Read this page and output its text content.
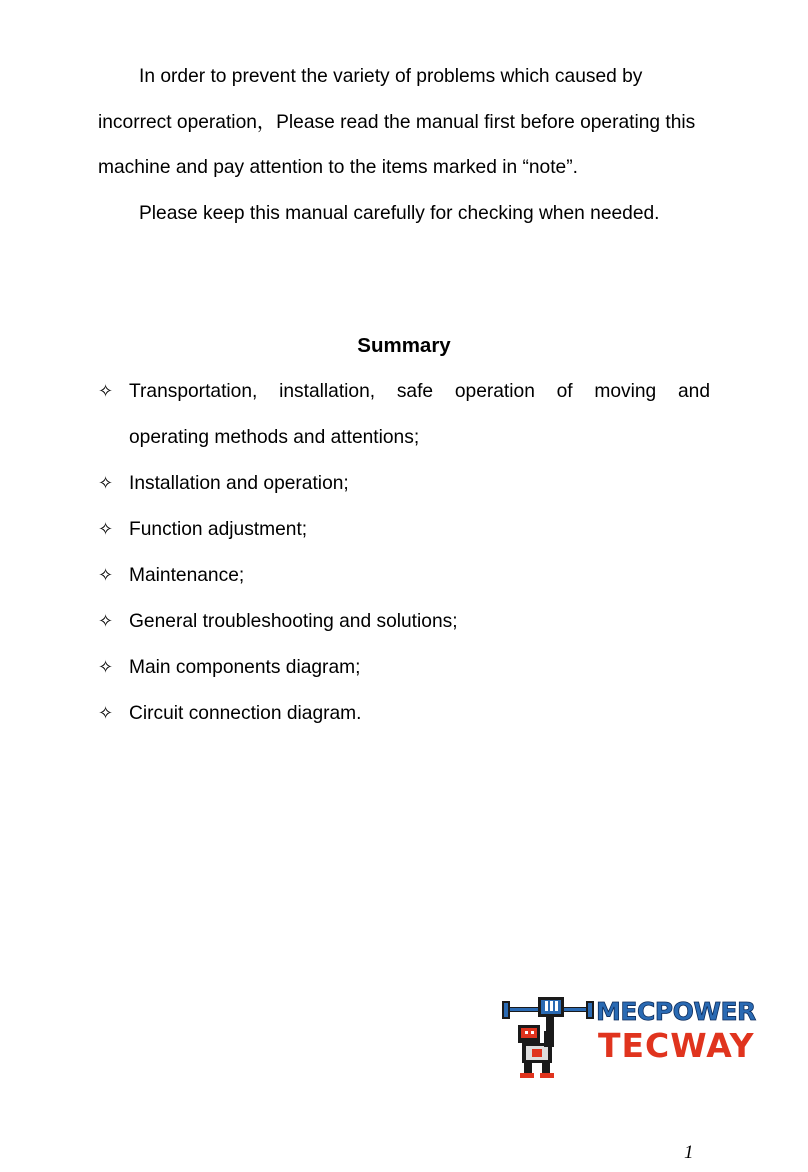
In order to prevent the variety of problems which caused by incorrect operation，Please read the manual first before operating this machine and pay attention to the items marked in “note”.

Please keep this manual carefully for checking when needed.

Summary
✧ Transportation, installation, safe operation of moving and
operating methods and attentions;
✧ Installation and operation;
✧ Function adjustment;
✧ Maintenance;
✧ General troubleshooting and solutions;
✧ Main components diagram;
✧ Circuit connection diagram.
MECPOWER
TECWAY
1
